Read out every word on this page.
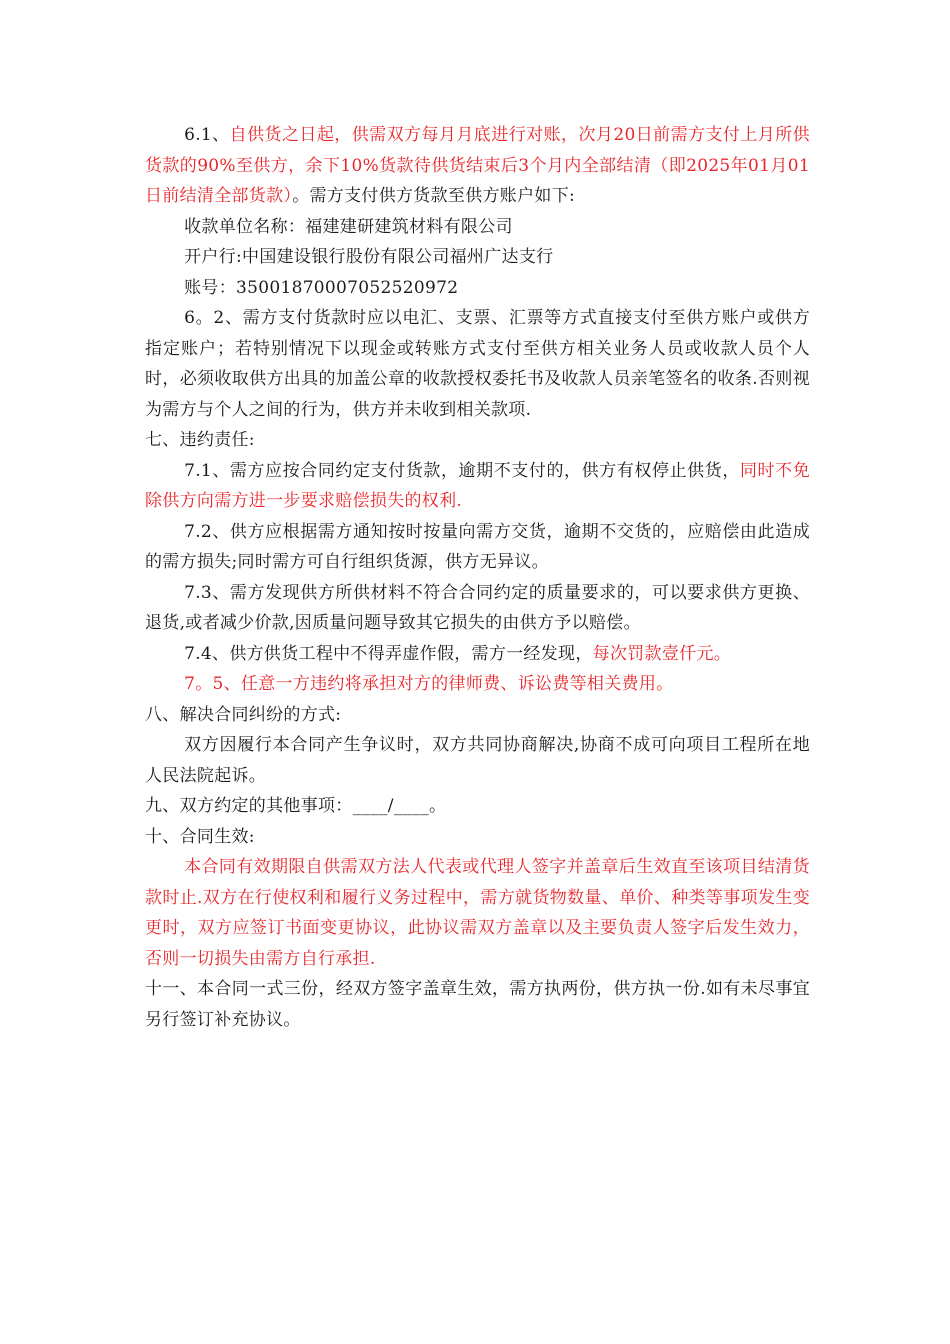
6.1、自供货之日起，供需双方每月月底进行对账，次月20日前需方支付上月所供货款的90%至供方，余下10%货款待供货结束后3个月内全部结清（即2025年01月01日前结清全部货款）。需方支付供方货款至供方账户如下:

收款单位名称：福建建研建筑材料有限公司

开户行:中国建设银行股份有限公司福州广达支行

账号：35001870007052520972

6。2、需方支付货款时应以电汇、支票、汇票等方式直接支付至供方账户或供方指定账户；若特别情况下以现金或转账方式支付至供方相关业务人员或收款人员个人时，必须收取供方出具的加盖公章的收款授权委托书及收款人员亲笔签名的收条.否则视为需方与个人之间的行为，供方并未收到相关款项.

七、违约责任:

7.1、需方应按合同约定支付货款，逾期不支付的，供方有权停止供货，同时不免除供方向需方进一步要求赔偿损失的权利.

7.2、供方应根据需方通知按时按量向需方交货，逾期不交货的，应赔偿由此造成的需方损失;同时需方可自行组织货源，供方无异议。

7.3、需方发现供方所供材料不符合合同约定的质量要求的，可以要求供方更换、退货,或者减少价款,因质量问题导致其它损失的由供方予以赔偿。

7.4、供方供货工程中不得弄虚作假，需方一经发现，每次罚款壹仟元。

7。5、任意一方违约将承担对方的律师费、诉讼费等相关费用。

八、解决合同纠纷的方式:

双方因履行本合同产生争议时，双方共同协商解决,协商不成可向项目工程所在地人民法院起诉。

九、双方约定的其他事项：____/____。

十、合同生效:

本合同有效期限自供需双方法人代表或代理人签字并盖章后生效直至该项目结清货款时止.双方在行使权利和履行义务过程中，需方就货物数量、单价、种类等事项发生变更时，双方应签订书面变更协议，此协议需双方盖章以及主要负责人签字后发生效力，否则一切损失由需方自行承担.

十一、本合同一式三份，经双方签字盖章生效，需方执两份，供方执一份.如有未尽事宜另行签订补充协议。
